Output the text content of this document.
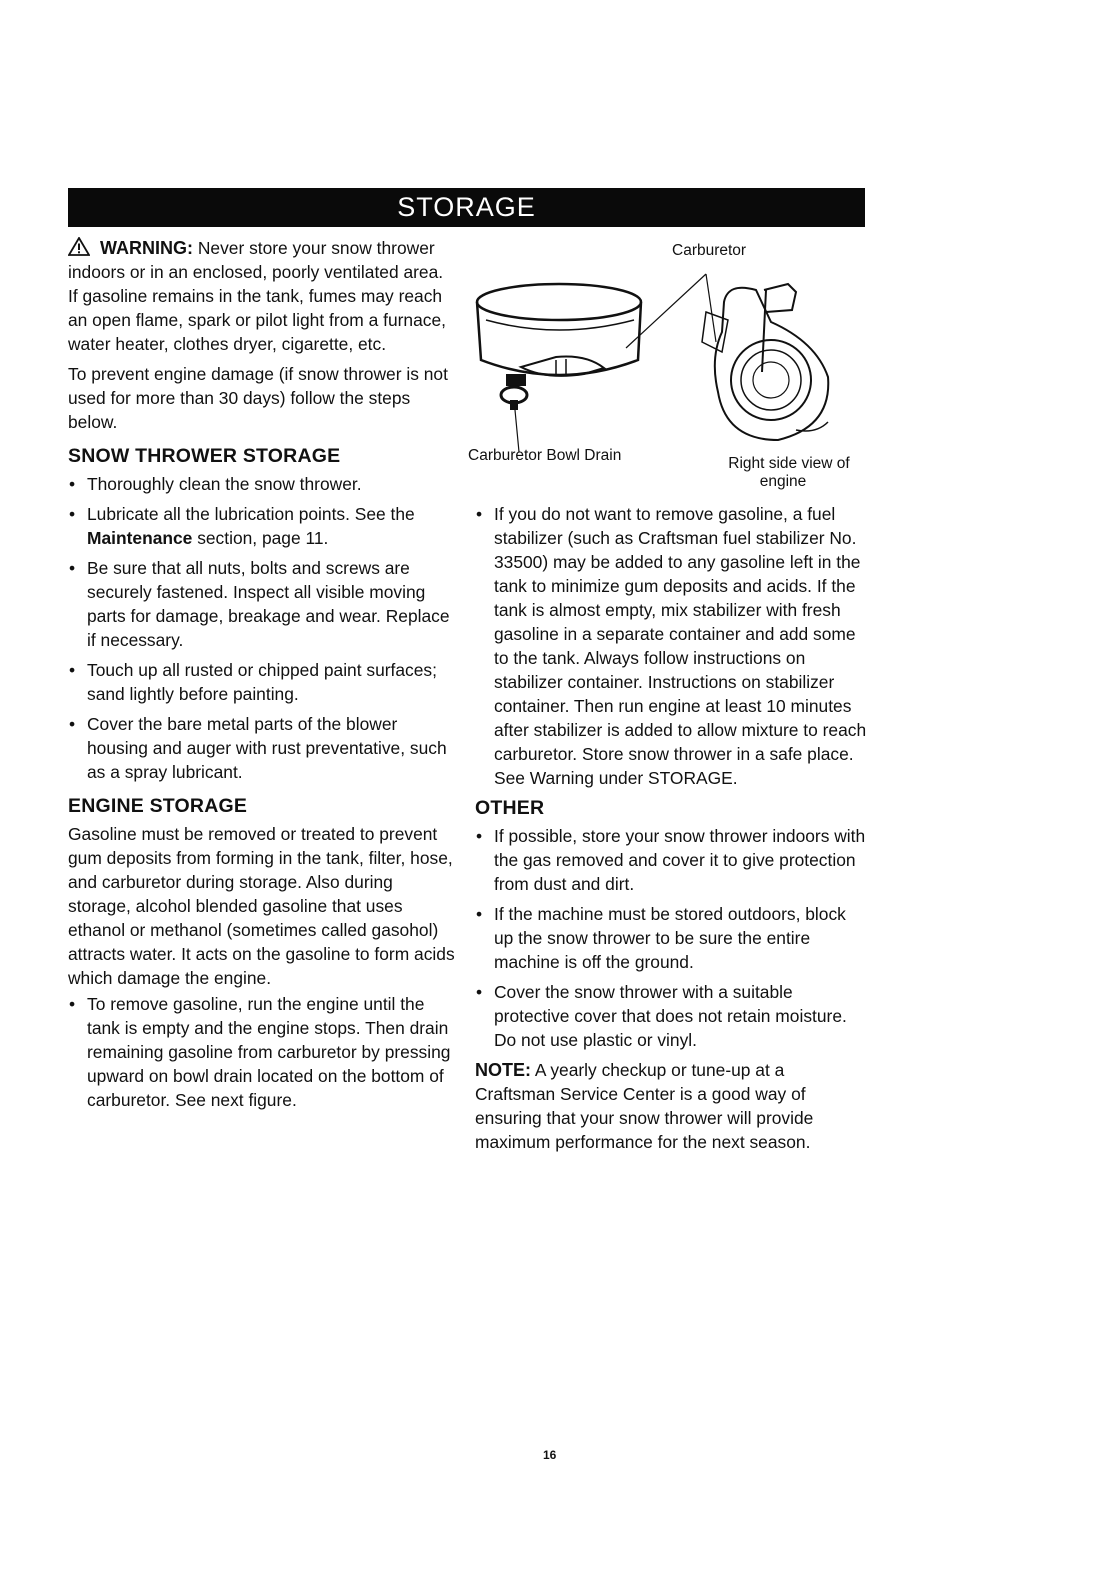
STORAGE

WARNING: Never store your snow thrower indoors or in an enclosed, poorly ventilated area. If gasoline remains in the tank, fumes may reach an open flame, spark or pilot light from a furnace, water heater, clothes dryer, cigarette, etc.

To prevent engine damage (if snow thrower is not used for more than 30 days) follow the steps below.

SNOW THROWER STORAGE
• Thoroughly clean the snow thrower.
• Lubricate all the lubrication points. See the Maintenance section, page 11.
• Be sure that all nuts, bolts and screws are securely fastened. Inspect all visible moving parts for damage, breakage and wear. Replace if necessary.
• Touch up all rusted or chipped paint surfaces; sand lightly before painting.
• Cover the bare metal parts of the blower housing and auger with rust preventative, such as a spray lubricant.
ENGINE STORAGE

Gasoline must be removed or treated to prevent gum deposits from forming in the tank, filter, hose, and carburetor during storage. Also during storage, alcohol blended gasoline that uses ethanol or methanol (sometimes called gasohol) attracts water. It acts on the gasoline to form acids which damage the engine.

• To remove gasoline, run the engine until the tank is empty and the engine stops. Then drain remaining gasoline from carburetor by pressing upward on bowl drain located on the bottom of carburetor. See next figure.
Carburetor
Carburetor Bowl Drain	Right side view of
engine
• If you do not want to remove gasoline, a fuel stabilizer (such as Craftsman fuel stabilizer No. 33500) may be added to any gasoline left in the tank to minimize gum deposits and acids. If the tank is almost empty, mix stabilizer with fresh gasoline in a separate container and add some to the tank. Always follow instructions on stabilizer container. Instructions on stabilizer container. Then run engine at least 10 minutes after stabilizer is added to allow mixture to reach carburetor. Store snow thrower in a safe place. See Warning under STORAGE.
OTHER
• If possible, store your snow thrower indoors with the gas removed and cover it to give protection from dust and dirt.
• If the machine must be stored outdoors, block up the snow thrower to be sure the entire machine is off the ground.
• Cover the snow thrower with a suitable protective cover that does not retain moisture. Do not use plastic or vinyl.

NOTE: A yearly checkup or tune-up at a Craftsman Service Center is a good way of ensuring that your snow thrower will provide maximum performance for the next season.

16
